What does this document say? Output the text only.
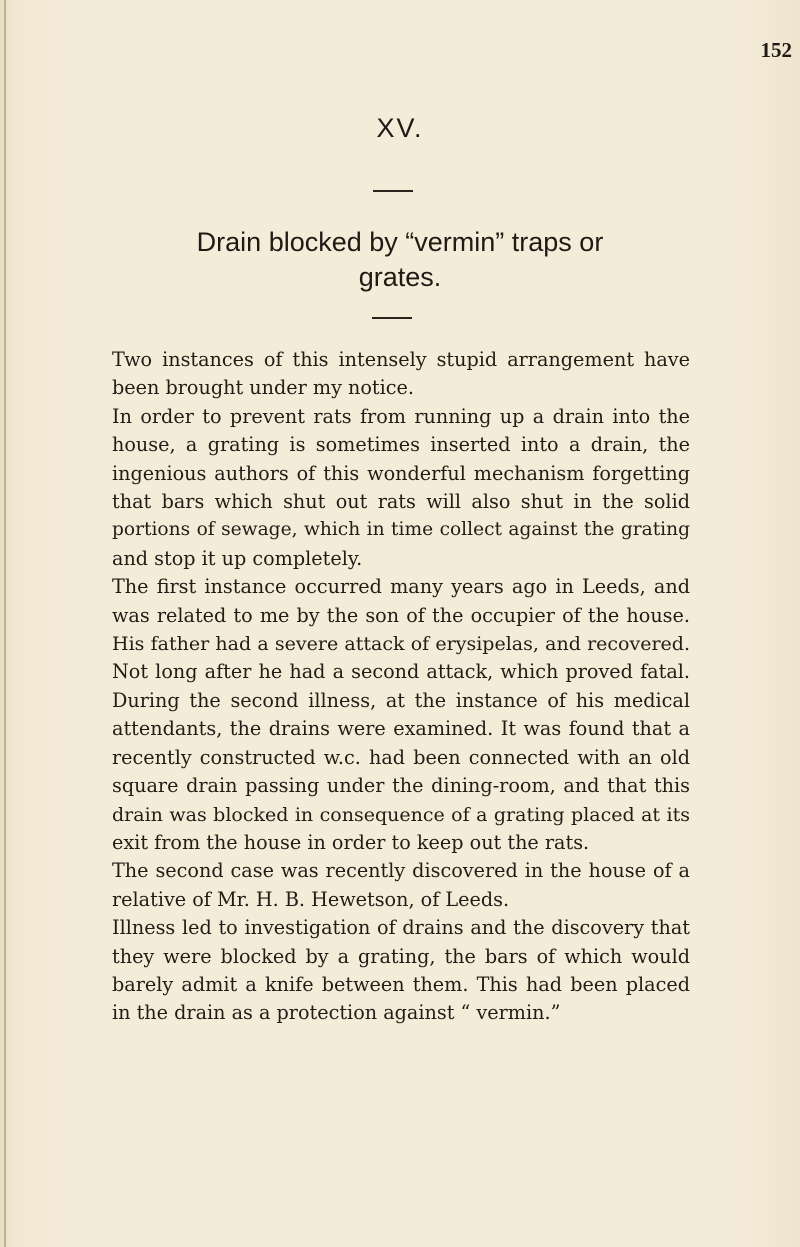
152
XV.
Drain blocked by “vermin” traps or
grates.
Two instances of this intensely stupid arrangement have
been brought under my notice.
In order to prevent rats from running up a drain into the
house, a grating is sometimes inserted into a drain, the
ingenious authors of this wonderful mechanism forgetting
that bars which shut out rats will also shut in the solid
portions of sewage, which in time collect against the grating
and stop it up completely.
The first instance occurred many years ago in Leeds, and
was related to me by the son of the occupier of the house.
His father had a severe attack of erysipelas, and recovered.
Not long after he had a second attack, which proved fatal.
During the second illness, at the instance of his medical
attendants, the drains were examined. It was found that a
recently constructed w.c. had been connected with an old
square drain passing under the dining-room, and that this
drain was blocked in consequence of a grating placed at its
exit from the house in order to keep out the rats.
The second case was recently discovered in the house of a
relative of Mr. H. B. Hewetson, of Leeds.
Illness led to investigation of drains and the discovery that
they were blocked by a grating, the bars of which would
barely admit a knife between them. This had been placed
in the drain as a protection against “ vermin.”
